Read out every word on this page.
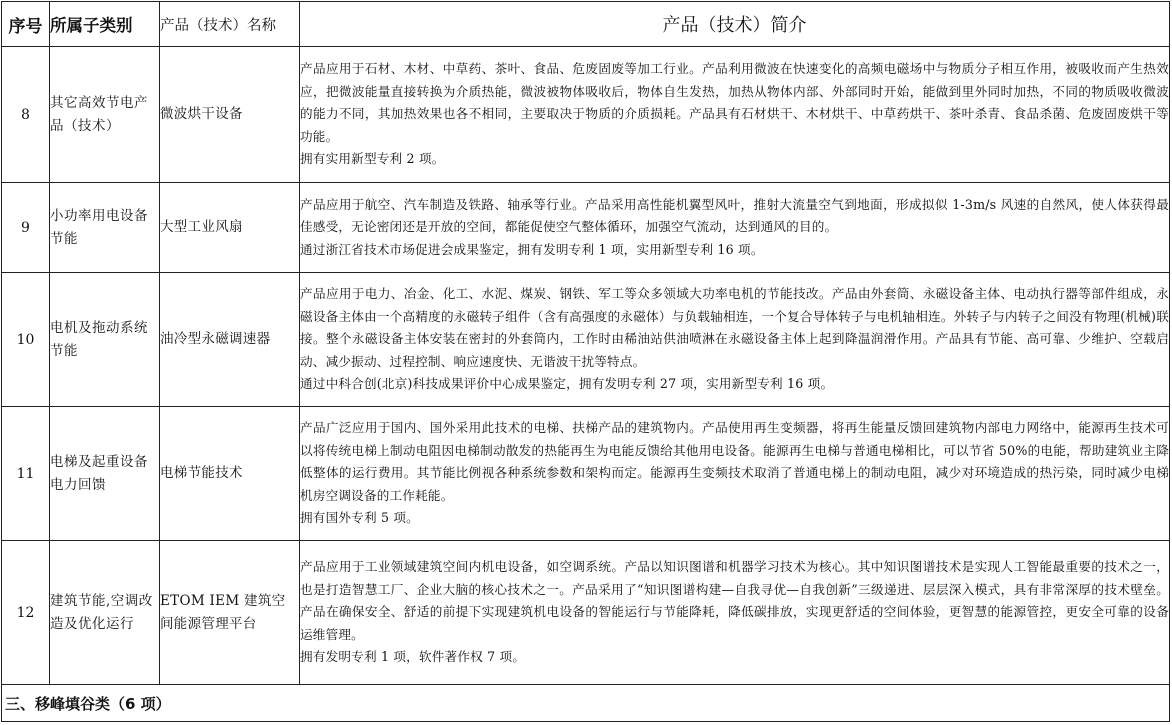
序号	所属子类别	产品（技术）名称	产品（技术）简介
8	其它高效节电产品（技术）	微波烘干设备	产品应用于石材、木材、中草药、茶叶、食品、危废固废等加工行业。产品利用微波在快速变化的高频电磁场中与物质分子相互作用，被吸收而产生热效应，把微波能量直接转换为介质热能，微波被物体吸收后，物体自生发热，加热从物体内部、外部同时开始，能做到里外同时加热，不同的物质吸收微波的能力不同，其加热效果也各不相同，主要取决于物质的介质损耗。产品具有石材烘干、木材烘干、中草药烘干、茶叶杀青、食品杀菌、危废固废烘干等功能。

拥有实用新型专利 2 项。

9	小功率用电设备节能	大型工业风扇	产品应用于航空、汽车制造及铁路、轴承等行业。产品采用高性能机翼型风叶，推射大流量空气到地面，形成拟似 1-3m/s 风速的自然风，使人体获得最佳感受，无论密闭还是开放的空间，都能促使空气整体循环，加强空气流动，达到通风的目的。

通过浙江省技术市场促进会成果鉴定，拥有发明专利 1 项，实用新型专利 16 项。

10	电机及拖动系统节能	油冷型永磁调速器	产品应用于电力、冶金、化工、水泥、煤炭、钢铁、军工等众多领域大功率电机的节能技改。产品由外套筒、永磁设备主体、电动执行器等部件组成，永磁设备主体由一个高精度的永磁转子组件（含有高强度的永磁体）与负载轴相连，一个复合导体转子与电机轴相连。外转子与内转子之间没有物理(机械)联接。整个永磁设备主体安装在密封的外套筒内，工作时由稀油站供油喷淋在永磁设备主体上起到降温润滑作用。产品具有节能、高可靠、少维护、空载启动、减少振动、过程控制、响应速度快、无谐波干扰等特点。

通过中科合创(北京)科技成果评价中心成果鉴定，拥有发明专利 27 项，实用新型专利 16 项。

11	电梯及起重设备电力回馈	电梯节能技术	产品广泛应用于国内、国外采用此技术的电梯、扶梯产品的建筑物内。产品使用再生变频器，将再生能量反馈回建筑物内部电力网络中，能源再生技术可以将传统电梯上制动电阻因电梯制动散发的热能再生为电能反馈给其他用电设备。能源再生电梯与普通电梯相比，可以节省 50%的电能，帮助建筑业主降低整体的运行费用。其节能比例视各种系统参数和架构而定。能源再生变频技术取消了普通电梯上的制动电阻，减少对环境造成的热污染，同时减少电梯机房空调设备的工作耗能。

拥有国外专利 5 项。

12	建筑节能,空调改造及优化运行	ETOM IEM 建筑空间能源管理平台	产品应用于工业领域建筑空间内机电设备，如空调系统。产品以知识图谱和机器学习技术为核心。其中知识图谱技术是实现人工智能最重要的技术之一，也是打造智慧工厂、企业大脑的核心技术之一。产品采用了“知识图谱构建—自我寻优—自我创新”三级递进、层层深入模式，具有非常深厚的技术壁垒。产品在确保安全、舒适的前提下实现建筑机电设备的智能运行与节能降耗，降低碳排放，实现更舒适的空间体验，更智慧的能源管控，更安全可靠的设备运维管理。

拥有发明专利 1 项，软件著作权 7 项。

三、移峰填谷类（6 项）			
